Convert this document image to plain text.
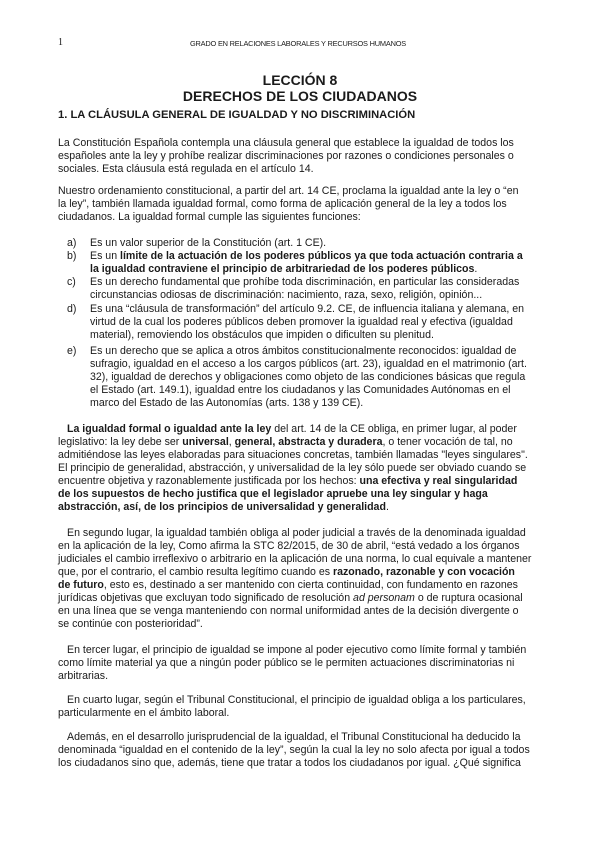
1	GRADO EN RELACIONES LABORALES Y RECURSOS HUMANOS
LECCIÓN 8
DERECHOS DE LOS CIUDADANOS
1. LA CLÁUSULA GENERAL DE IGUALDAD Y NO DISCRIMINACIÓN
La Constitución Española contempla una cláusula general que establece la igualdad de todos los
españoles ante la ley y prohíbe realizar discriminaciones por razones o condiciones personales o
sociales. Esta cláusula está regulada en el artículo 14.
Nuestro ordenamiento constitucional, a partir del art. 14 CE, proclama la igualdad ante la ley o “en
la ley”, también llamada igualdad formal, como forma de aplicación general de la ley a todos los
ciudadanos. La igualdad formal cumple las siguientes funciones:
a) Es un valor superior de la Constitución (art. 1 CE).
b) Es un límite de la actuación de los poderes públicos ya que toda actuación contraria a
la igualdad contraviene el principio de arbitrariedad de los poderes públicos.
c) Es un derecho fundamental que prohíbe toda discriminación, en particular las consideradas
circunstancias odiosas de discriminación: nacimiento, raza, sexo, religión, opinión...
d) Es una “cláusula de transformación” del artículo 9.2. CE, de influencia italiana y alemana, en
virtud de la cual los poderes públicos deben promover la igualdad real y efectiva (igualdad
material), removiendo los obstáculos que impiden o dificulten su plenitud.
e) Es un derecho que se aplica a otros ámbitos constitucionalmente reconocidos: igualdad de
sufragio, igualdad en el acceso a los cargos públicos (art. 23), igualdad en el matrimonio (art.
32), igualdad de derechos y obligaciones como objeto de las condiciones básicas que regula
el Estado (art. 149.1), igualdad entre los ciudadanos y las Comunidades Autónomas en el
marco del Estado de las Autonomías (arts. 138 y 139 CE).
La igualdad formal o igualdad ante la ley del art. 14 de la CE obliga, en primer lugar, al poder
legislativo: la ley debe ser universal, general, abstracta y duradera, o tener vocación de tal, no
admitiéndose las leyes elaboradas para situaciones concretas, también llamadas "leyes singulares".
El principio de generalidad, abstracción, y universalidad de la ley sólo puede ser obviado cuando se
encuentre objetiva y razonablemente justificada por los hechos: una efectiva y real singularidad
de los supuestos de hecho justifica que el legislador apruebe una ley singular y haga
abstracción, así, de los principios de universalidad y generalidad.
En segundo lugar, la igualdad también obliga al poder judicial a través de la denominada igualdad
en la aplicación de la ley, Como afirma la STC 82/2015, de 30 de abril, “está vedado a los órganos
judiciales el cambio irreflexivo o arbitrario en la aplicación de una norma, lo cual equivale a mantener
que, por el contrario, el cambio resulta legítimo cuando es razonado, razonable y con vocación
de futuro, esto es, destinado a ser mantenido con cierta continuidad, con fundamento en razones
jurídicas objetivas que excluyan todo significado de resolución ad personam o de ruptura ocasional
en una línea que se venga manteniendo con normal uniformidad antes de la decisión divergente o
se continúe con posterioridad”.
En tercer lugar, el principio de igualdad se impone al poder ejecutivo como límite formal y también
como límite material ya que a ningún poder público se le permiten actuaciones discriminatorias ni
arbitrarias.
En cuarto lugar, según el Tribunal Constitucional, el principio de igualdad obliga a los particulares,
particularmente en el ámbito laboral.
Además, en el desarrollo jurisprudencial de la igualdad, el Tribunal Constitucional ha deducido la
denominada “igualdad en el contenido de la ley”, según la cual la ley no solo afecta por igual a todos
los ciudadanos sino que, además, tiene que tratar a todos los ciudadanos por igual. ¿Qué significa
